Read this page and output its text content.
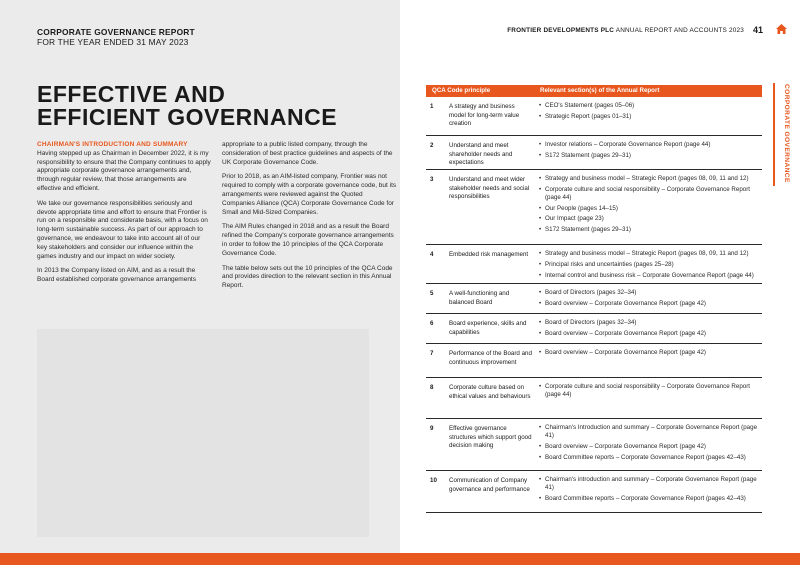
CORPORATE GOVERNANCE REPORT
FOR THE YEAR ENDED 31 MAY 2023
EFFECTIVE AND
EFFICIENT GOVERNANCE
CHAIRMAN'S INTRODUCTION AND SUMMARY

Having stepped up as Chairman in December 2022, it is my responsibility to ensure that the Company continues to apply appropriate corporate governance arrangements and, through regular review, that those arrangements are effective and efficient.

We take our governance responsibilities seriously and devote appropriate time and effort to ensure that Frontier is run on a responsible and considerate basis, with a focus on long-term sustainable success. As part of our approach to governance, we endeavour to take into account all of our key stakeholders and consider our influence within the games industry and our impact on wider society.

In 2013 the Company listed on AIM, and as a result the Board established corporate governance arrangements

appropriate to a public listed company, through the consideration of best practice guidelines and aspects of the UK Corporate Governance Code.

Prior to 2018, as an AIM-listed company, Frontier was not required to comply with a corporate governance code, but its arrangements were reviewed against the Quoted Companies Alliance (QCA) Corporate Governance Code for Small and Mid-Sized Companies.

The AIM Rules changed in 2018 and as a result the Board refined the Company's corporate governance arrangements in order to follow the 10 principles of the QCA Corporate Governance Code.

The table below sets out the 10 principles of the QCA Code and provides direction to the relevant section in this Annual Report.

FRONTIER DEVELOPMENTS PLC ANNUAL REPORT AND ACCOUNTS 2023 41
CORPORATE GOVERNANCE
QCA Code principle	Relevant section(s) of the Annual Report
1	A strategy and business model for long-term value creation
• CEO's Statement (pages 05–06)
• Strategic Report (pages 01–31)
2	Understand and meet shareholder needs and expectations
• Investor relations – Corporate Governance Report (page 44)
• S172 Statement (pages 29–31)
3	Understand and meet wider stakeholder needs and social responsibilities
• Strategy and business model – Strategic Report (pages 08, 09, 11 and 12)
• Corporate culture and social responsibility – Corporate Governance Report (page 44)
• Our People (pages 14–15)
• Our Impact (page 23)
• S172 Statement (pages 29–31)
4	Embedded risk management
•	Strategy and business model – Strategic Report (pages 08, 09, 11 and 12)
• Principal risks and uncertainties (pages 25–28)
• Internal control and business risk – Corporate Governance Report (page 44)
5	A well-functioning and balanced Board
• Board of Directors (pages 32–34)
• Board overview – Corporate Governance Report (page 42)
6	Board experience, skills and capabilities
• Board of Directors (pages 32–34)
• Board overview – Corporate Governance Report (page 42)
7	Performance of the Board and continuous improvement
• Board overview – Corporate Governance Report (page 42)
8	Corporate culture based on ethical values and behaviours
• Corporate culture and social responsibility – Corporate Governance Report (page 44)
9	Effective governance structures which support good decision making
• Chairman's Introduction and summary – Corporate Governance Report (page 41)
• Board overview – Corporate Governance Report (page 42)
• Board Committee reports – Corporate Governance Report (pages 42–43)
10 Communication of Company governance and performance
• Chairman's introduction and summary – Corporate Governance Report (page 41)
• Board Committee reports – Corporate Governance Report (pages 42–43)
